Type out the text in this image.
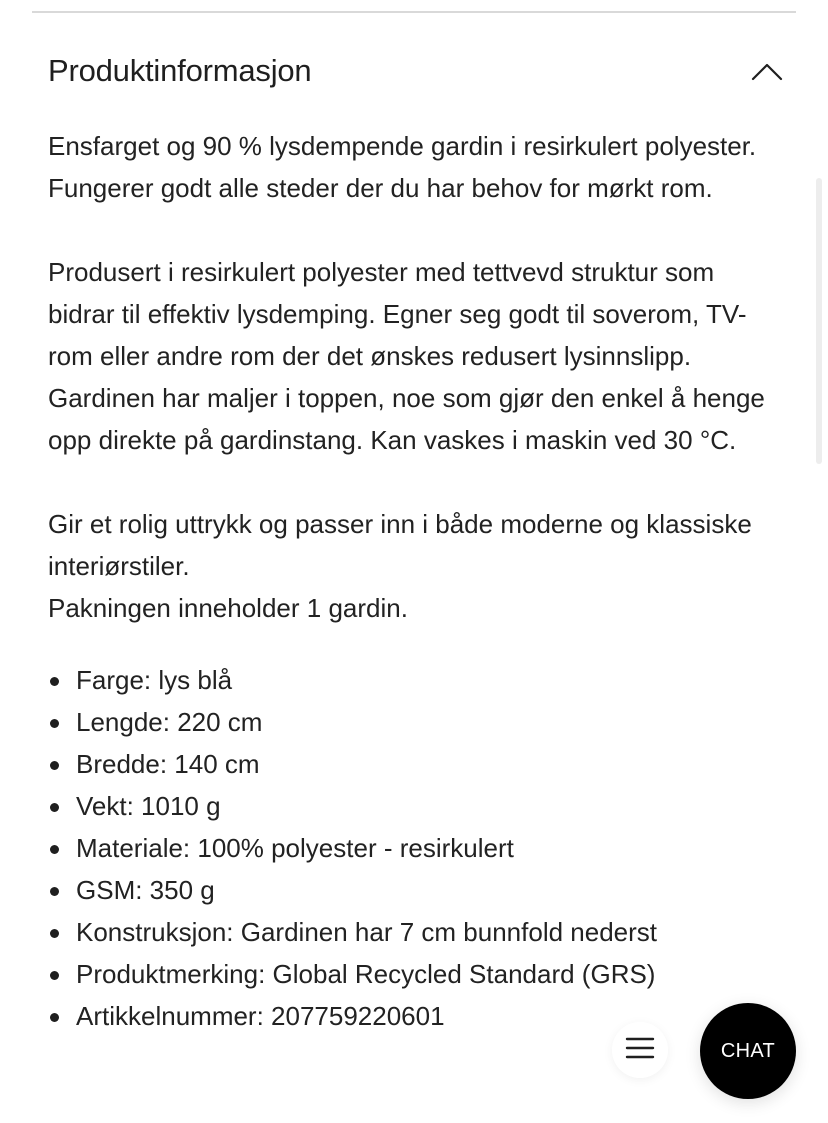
Produktinformasjon

Ensfarget og 90 % lysdempende gardin i resirkulert polyester. Fungerer godt alle steder der du har behov for mørkt rom.

Produsert i resirkulert polyester med tettvevd struktur som bidrar til effektiv lysdemping. Egner seg godt til soverom, TV-rom eller andre rom der det ønskes redusert lysinnslipp. Gardinen har maljer i toppen, noe som gjør den enkel å henge opp direkte på gardinstang. Kan vaskes i maskin ved 30 °C.

Gir et rolig uttrykk og passer inn i både moderne og klassiske interiørstiler.

Pakningen inneholder 1 gardin.

Farge: lys blå
Lengde: 220 cm
Bredde: 140 cm
Vekt: 1010 g
Materiale: 100% polyester - resirkulert
GSM: 350 g
Konstruksjon: Gardinen har 7 cm bunnfold nederst
Produktmerking: Global Recycled Standard (GRS)
Artikkelnummer: 207759220601
CHAT
